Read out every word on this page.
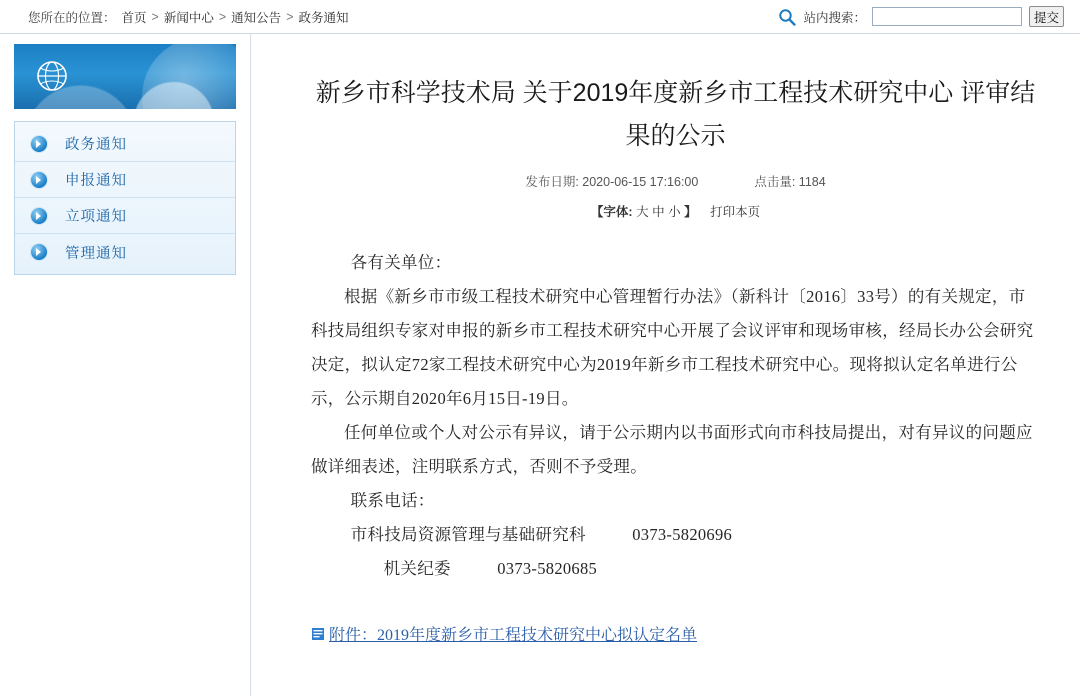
您所在的位置： 首页 > 新闻中心 > 通知公告 > 政务通知	站内搜索：	提交
政务通知
申报通知
立项通知
管理通知
新乡市科学技术局 关于2019年度新乡市工程技术研究中心 评审结果的公示
发布日期: 2020-06-15 17:16:00	点击量: 1184
【字体: 大 中 小 】 打印本页

各有关单位：

根据《新乡市市级工程技术研究中心管理暂行办法》（新科计〔2016〕33号）的有关规定，市科技局组织专家对申报的新乡市工程技术研究中心开展了会议评审和现场审核，经局长办公会研究决定，拟认定72家工程技术研究中心为2019年新乡市工程技术研究中心。现将拟认定名单进行公示，公示期自2020年6月15日-19日。

任何单位或个人对公示有异议，请于公示期内以书面形式向市科技局提出，对有异议的问题应做详细表述，注明联系方式，否则不予受理。

联系电话：

市科技局资源管理与基础研究科	0373-5820696

机关纪委	0373-5820685

附件：2019年度新乡市工程技术研究中心拟认定名单
